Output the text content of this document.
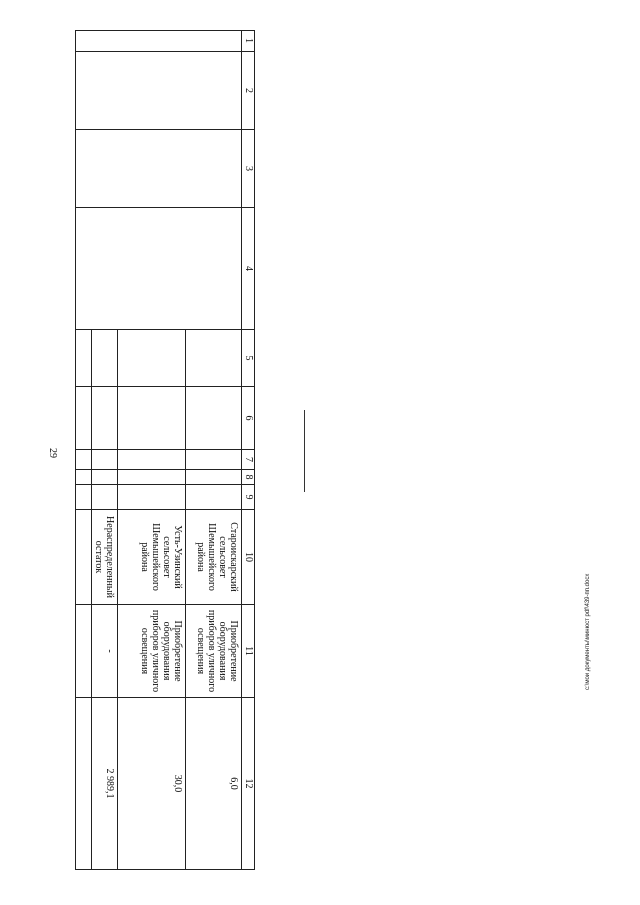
29
1
2
3
4
5
6
7
8
9
10
11
12
Староискарский сельсовет Шемышейского района
Приобретение оборудования приборов уличного освещения
6,0
Усть-Узинский сельсовет Шемышейского района
Приобретение оборудования приборов уличного освещения
30,0
Нераспределенный остаток
-
2 989,1
c:\мои документы\минюст pdf\439-пп.docx
